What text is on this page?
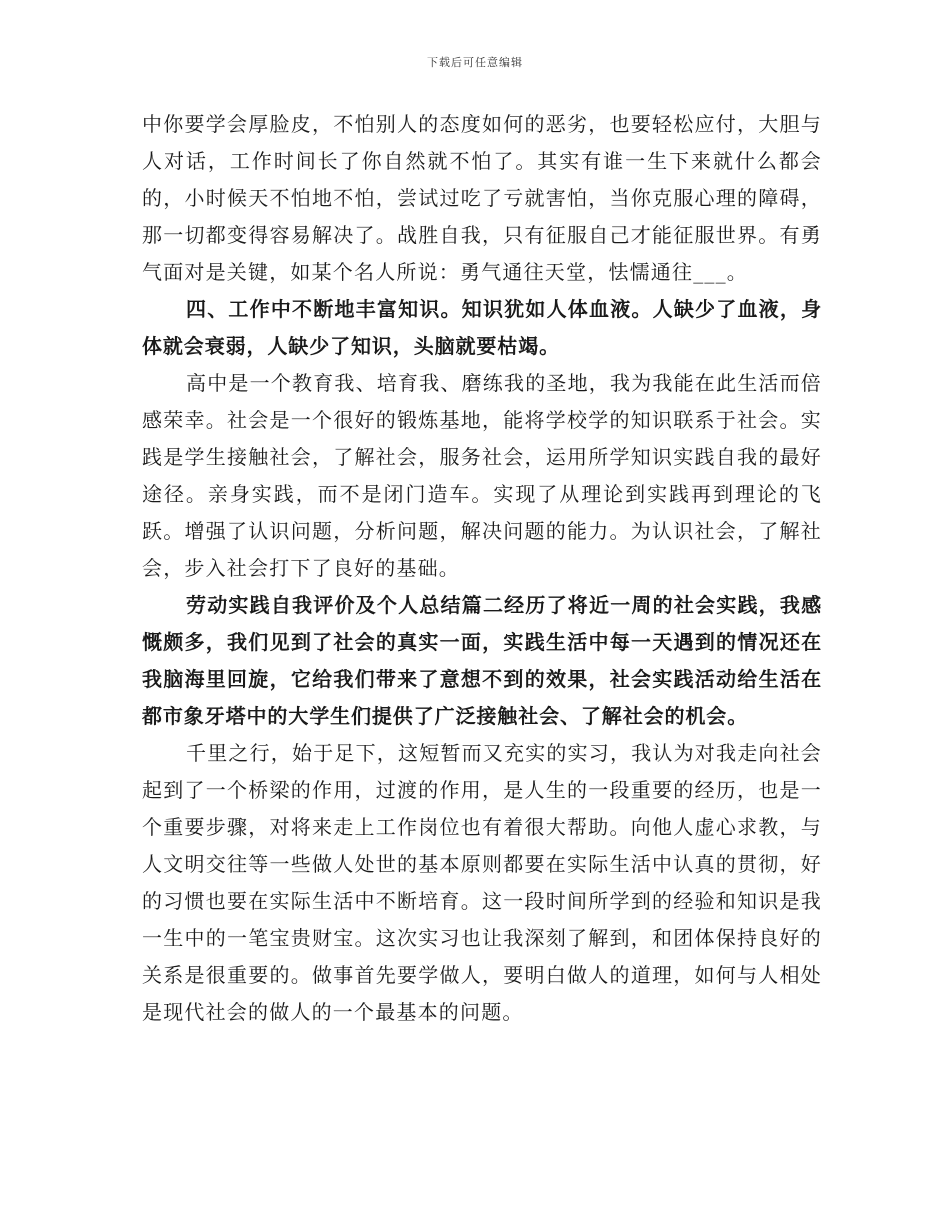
下载后可任意编辑

中你要学会厚脸皮，不怕别人的态度如何的恶劣，也要轻松应付，大胆与人对话，工作时间长了你自然就不怕了。其实有谁一生下来就什么都会的，小时候天不怕地不怕，尝试过吃了亏就害怕，当你克服心理的障碍，那一切都变得容易解决了。战胜自我，只有征服自己才能征服世界。有勇气面对是关键，如某个名人所说：勇气通往天堂，怯懦通往___。

四、工作中不断地丰富知识。知识犹如人体血液。人缺少了血液，身体就会衰弱，人缺少了知识，头脑就要枯竭。

高中是一个教育我、培育我、磨练我的圣地，我为我能在此生活而倍感荣幸。社会是一个很好的锻炼基地，能将学校学的知识联系于社会。实践是学生接触社会，了解社会，服务社会，运用所学知识实践自我的最好途径。亲身实践，而不是闭门造车。实现了从理论到实践再到理论的飞跃。增强了认识问题，分析问题，解决问题的能力。为认识社会，了解社会，步入社会打下了良好的基础。

劳动实践自我评价及个人总结篇二经历了将近一周的社会实践，我感慨颇多，我们见到了社会的真实一面，实践生活中每一天遇到的情况还在我脑海里回旋，它给我们带来了意想不到的效果，社会实践活动给生活在都市象牙塔中的大学生们提供了广泛接触社会、了解社会的机会。

千里之行，始于足下，这短暂而又充实的实习，我认为对我走向社会起到了一个桥梁的作用，过渡的作用，是人生的一段重要的经历，也是一个重要步骤，对将来走上工作岗位也有着很大帮助。向他人虚心求教，与人文明交往等一些做人处世的基本原则都要在实际生活中认真的贯彻，好的习惯也要在实际生活中不断培育。这一段时间所学到的经验和知识是我一生中的一笔宝贵财宝。这次实习也让我深刻了解到，和团体保持良好的关系是很重要的。做事首先要学做人，要明白做人的道理，如何与人相处是现代社会的做人的一个最基本的问题。
